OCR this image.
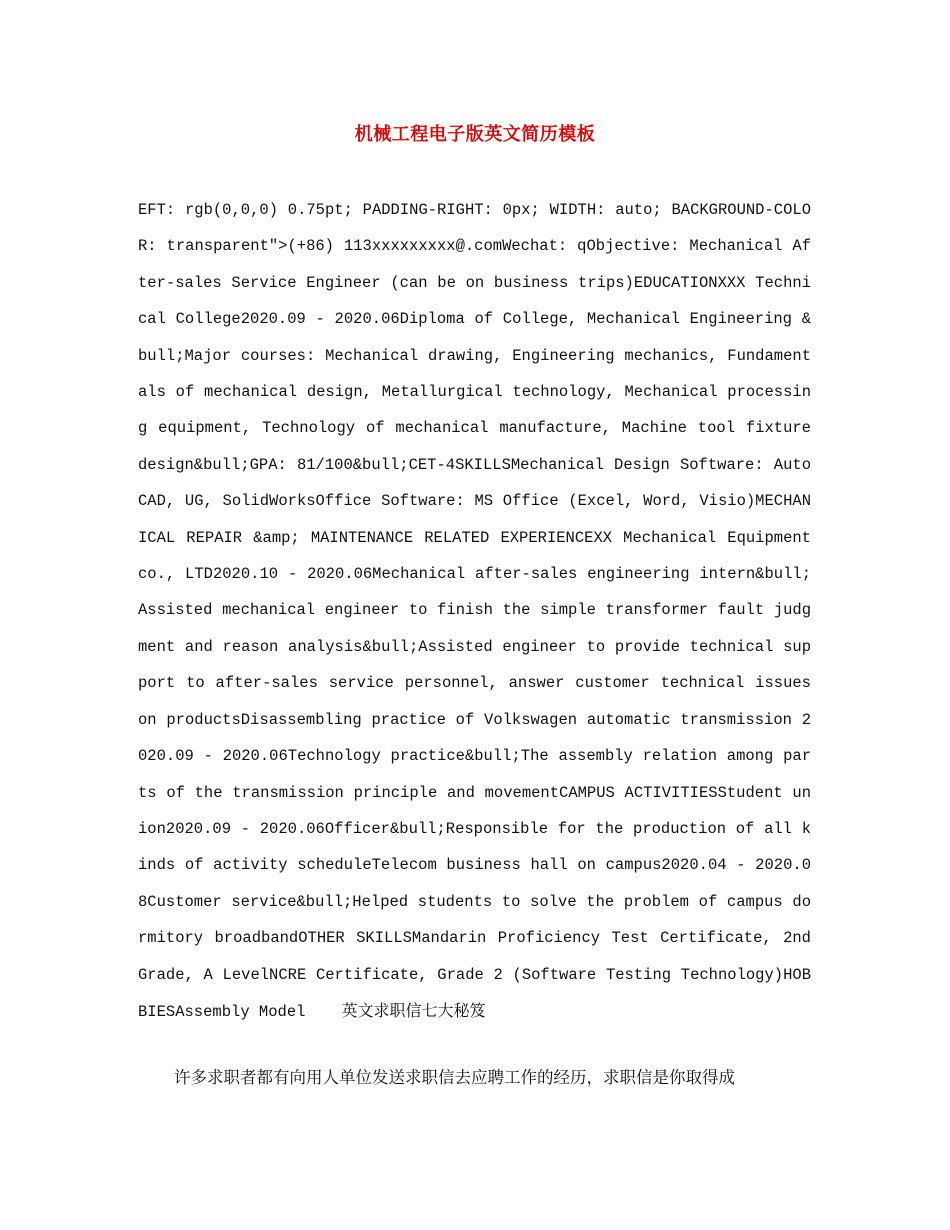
机械工程电子版英文简历模板

EFT: rgb(0,0,0) 0.75pt; PADDING-RIGHT: 0px; WIDTH: auto; BACKGROUND-COLOR: transparent">(+86) 113xxxxxxxxx@.comWechat: qObjective: Mechanical After-sales Service Engineer (can be on business trips)EDUCATIONXXX Technical College2020.09 - 2020.06Diploma of College, Mechanical Engineering &bull;Major courses: Mechanical drawing, Engineering mechanics, Fundamentals of mechanical design, Metallurgical technology, Mechanical processing equipment, Technology of mechanical manufacture, Machine tool fixture design&bull;GPA: 81/100&bull;CET-4SKILLSMechanical Design Software: AutoCAD, UG, SolidWorksOffice Software: MS Office (Excel, Word, Visio)MECHANICAL REPAIR &amp; MAINTENANCE RELATED EXPERIENCEXX Mechanical Equipment co., LTD2020.10 - 2020.06Mechanical after-sales engineering intern&bull;Assisted mechanical engineer to finish the simple transformer fault judgment and reason analysis&bull;Assisted engineer to provide technical support to after-sales service personnel, answer customer technical issues on productsDisassembling practice of Volkswagen automatic transmission 2020.09 - 2020.06Technology practice&bull;The assembly relation among parts of the transmission principle and movementCAMPUS ACTIVITIESStudent union2020.09 - 2020.06Officer&bull;Responsible for the production of all kinds of activity scheduleTelecom business hall on campus2020.04 - 2020.08Customer service&bull;Helped students to solve the problem of campus dormitory broadbandOTHER SKILLSMandarin Proficiency Test Certificate, 2nd Grade, A LevelNCRE Certificate, Grade 2 (Software Testing Technology)HOBBIESAssembly Model 英文求职信七大秘笈

许多求职者都有向用人单位发送求职信去应聘工作的经历，求职信是你取得成
